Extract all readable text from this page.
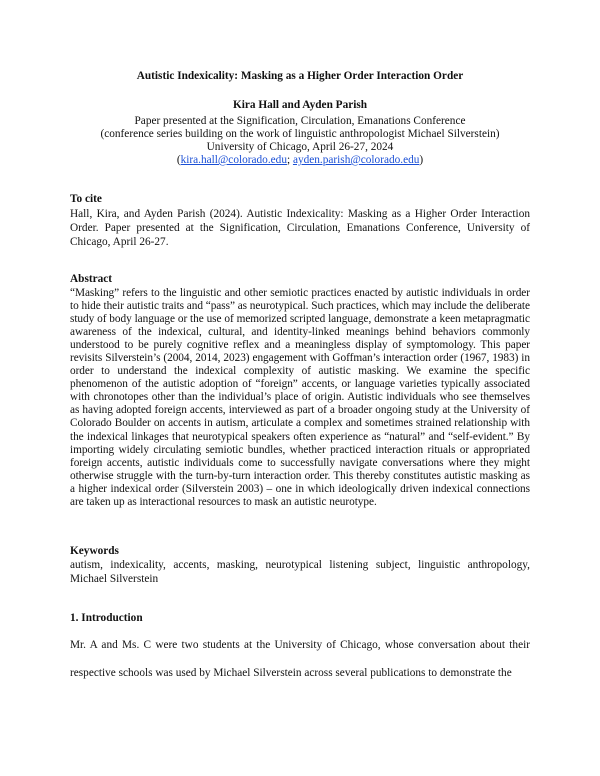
Autistic Indexicality: Masking as a Higher Order Interaction Order
Kira Hall and Ayden Parish
Paper presented at the Signification, Circulation, Emanations Conference
(conference series building on the work of linguistic anthropologist Michael Silverstein)
University of Chicago, April 26-27, 2024
(kira.hall@colorado.edu; ayden.parish@colorado.edu)
To cite
Hall, Kira, and Ayden Parish (2024). Autistic Indexicality: Masking as a Higher Order Interaction Order. Paper presented at the Signification, Circulation, Emanations Conference, University of Chicago, April 26-27.
Abstract
“Masking” refers to the linguistic and other semiotic practices enacted by autistic individuals in order to hide their autistic traits and “pass” as neurotypical. Such practices, which may include the deliberate study of body language or the use of memorized scripted language, demonstrate a keen metapragmatic awareness of the indexical, cultural, and identity-linked meanings behind behaviors commonly understood to be purely cognitive reflex and a meaningless display of symptomology. This paper revisits Silverstein’s (2004, 2014, 2023) engagement with Goffman’s interaction order (1967, 1983) in order to understand the indexical complexity of autistic masking. We examine the specific phenomenon of the autistic adoption of “foreign” accents, or language varieties typically associated with chronotopes other than the individual’s place of origin. Autistic individuals who see themselves as having adopted foreign accents, interviewed as part of a broader ongoing study at the University of Colorado Boulder on accents in autism, articulate a complex and sometimes strained relationship with the indexical linkages that neurotypical speakers often experience as “natural” and “self-evident.” By importing widely circulating semiotic bundles, whether practiced interaction rituals or appropriated foreign accents, autistic individuals come to successfully navigate conversations where they might otherwise struggle with the turn-by-turn interaction order. This thereby constitutes autistic masking as a higher indexical order (Silverstein 2003) – one in which ideologically driven indexical connections are taken up as interactional resources to mask an autistic neurotype.
Keywords
autism, indexicality, accents, masking, neurotypical listening subject, linguistic anthropology, Michael Silverstein
1. Introduction
Mr. A and Ms. C were two students at the University of Chicago, whose conversation about their respective schools was used by Michael Silverstein across several publications to demonstrate the
